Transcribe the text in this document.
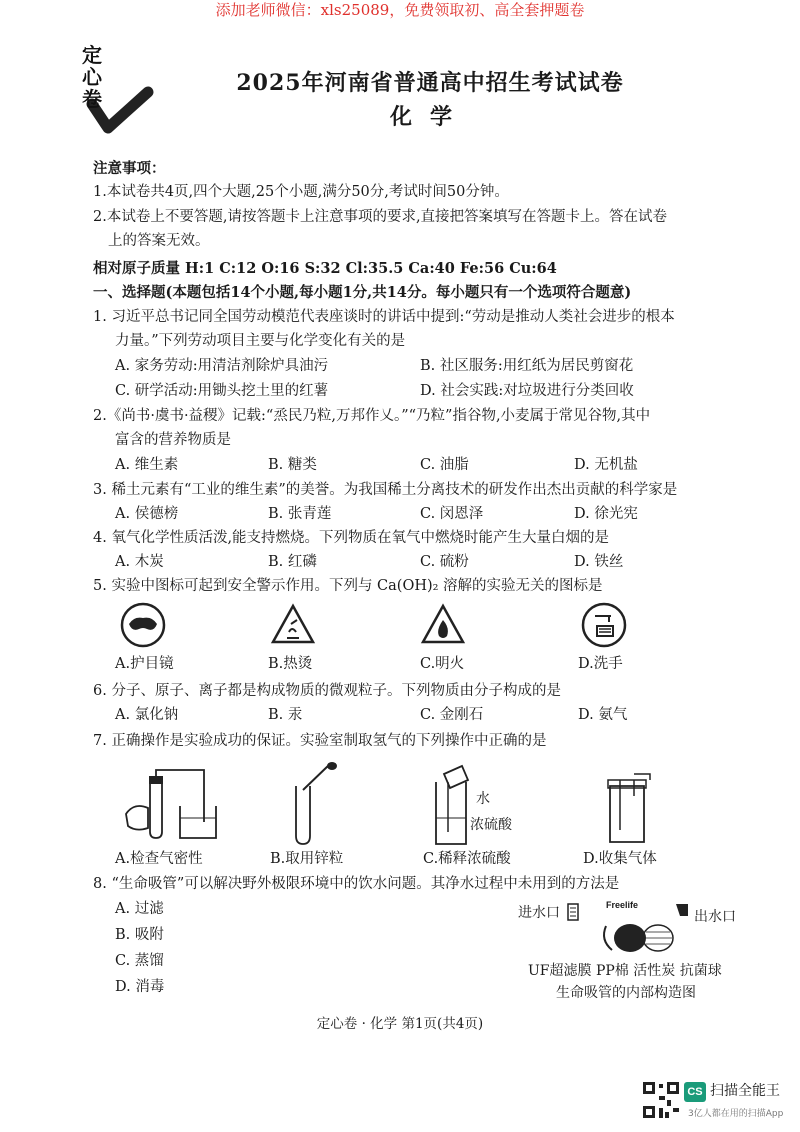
添加老师微信：xls25089，免费领取初、高全套押题卷
定心卷
2025年河南省普通高中招生考试试卷
化学
注意事项：
1.本试卷共4页,四个大题,25个小题,满分50分,考试时间50分钟。
2.本试卷上不要答题,请按答题卡上注意事项的要求,直接把答案填写在答题卡上。答在试卷
上的答案无效。
相对原子质量 H:1 C:12 O:16 S:32 Cl:35.5 Ca:40 Fe:56 Cu:64
一、选择题(本题包括14个小题,每小题1分,共14分。每小题只有一个选项符合题意)
1. 习近平总书记同全国劳动模范代表座谈时的讲话中提到:“劳动是推动人类社会进步的根本
力量。”下列劳动项目主要与化学变化有关的是
A. 家务劳动:用清洁剂除炉具油污	B. 社区服务:用红纸为居民剪窗花
C. 研学活动:用锄头挖土里的红薯	D. 社会实践:对垃圾进行分类回收
2.《尚书·虞书·益稷》记载:“烝民乃粒,万邦作乂。”“乃粒”指谷物,小麦属于常见谷物,其中
富含的营养物质是
A. 维生素	B. 糖类	C. 油脂	D. 无机盐
3. 稀土元素有“工业的维生素”的美誉。为我国稀土分离技术的研发作出杰出贡献的科学家是
A. 侯德榜	B. 张青莲	C. 闵恩泽	D. 徐光宪
4. 氧气化学性质活泼,能支持燃烧。下列物质在氧气中燃烧时能产生大量白烟的是
A. 木炭	B. 红磷	C. 硫粉	D. 铁丝
5. 实验中图标可起到安全警示作用。下列与 Ca(OH)₂ 溶解的实验无关的图标是
A.护目镜	B.热烫	C.明火	D.洗手
6. 分子、原子、离子都是构成物质的微观粒子。下列物质由分子构成的是
A. 氯化钠	B. 汞	C. 金刚石	D. 氨气
7. 正确操作是实验成功的保证。实验室制取氢气的下列操作中正确的是
水
浓硫酸
A.检查气密性	B.取用锌粒	C.稀释浓硫酸	D.收集气体
8. “生命吸管”可以解决野外极限环境中的饮水问题。其净水过程中未用到的方法是
A. 过滤
B. 吸附
C. 蒸馏
D. 消毒
进水口	Freelife
出水口
UF超滤膜 PP棉 活性炭 抗菌球
生命吸管的内部构造图
定心卷 · 化学 第1页(共4页)
CS 扫描全能王
3亿人都在用的扫描App
